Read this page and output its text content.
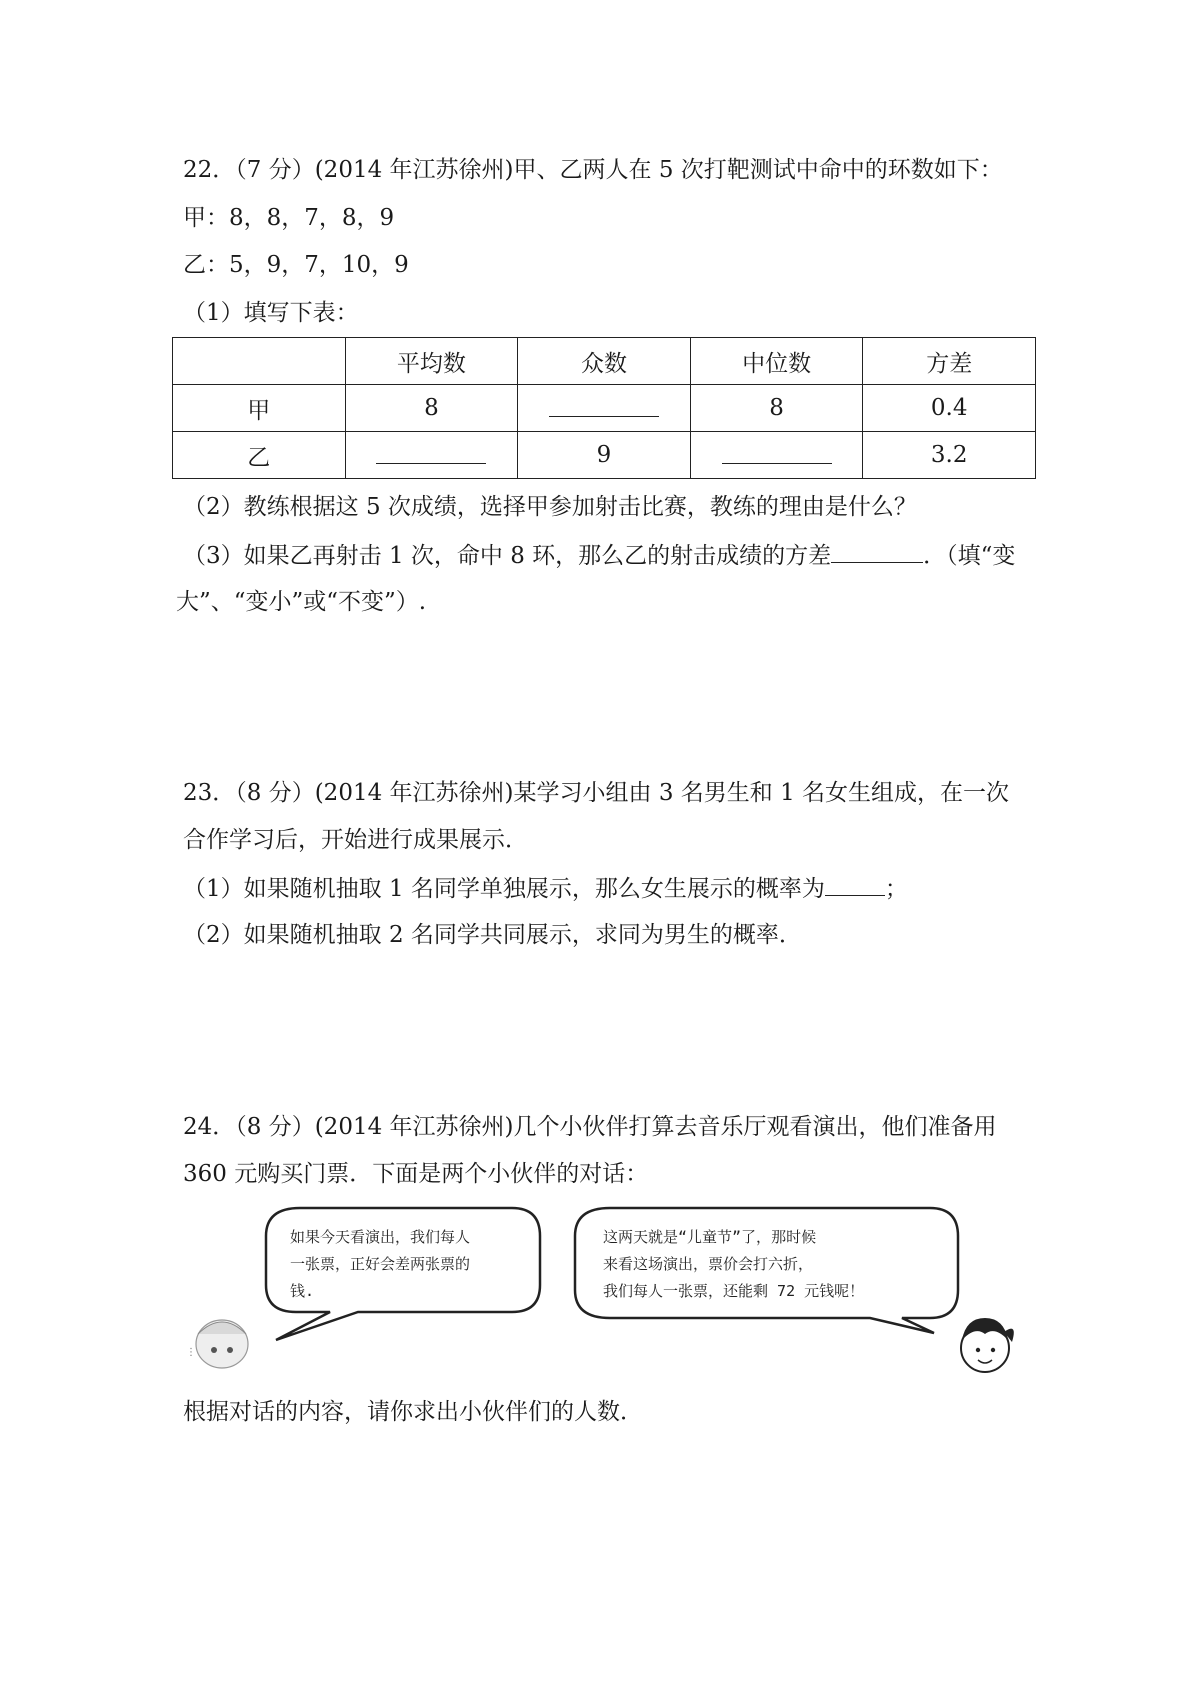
22．（7 分）(2014 年江苏徐州)甲、乙两人在 5 次打靶测试中命中的环数如下：
甲：8，8，7，8，9
乙：5，9，7，10，9
（1）填写下表：
	平均数	众数	中位数	方差
甲	8		8	0.4
乙		9		3.2
（2）教练根据这 5 次成绩，选择甲参加射击比赛，教练的理由是什么？
（3）如果乙再射击 1 次，命中 8 环，那么乙的射击成绩的方差	．（填“变
大”、“变小”或“不变”）.
23．（8 分）(2014 年江苏徐州)某学习小组由 3 名男生和 1 名女生组成，在一次
合作学习后，开始进行成果展示．
（1）如果随机抽取 1 名同学单独展示，那么女生展示的概率为	；
（2）如果随机抽取 2 名同学共同展示，求同为男生的概率．
24．（8 分）(2014 年江苏徐州)几个小伙伴打算去音乐厅观看演出，他们准备用
360 元购买门票．下面是两个小伙伴的对话：
⋮
如果今天看演出，我们每人
一张票，正好会差两张票的
钱.
这两天就是“儿童节”了，那时候
来看这场演出，票价会打六折，
我们每人一张票，还能剩 72 元钱呢！
根据对话的内容，请你求出小伙伴们的人数．
